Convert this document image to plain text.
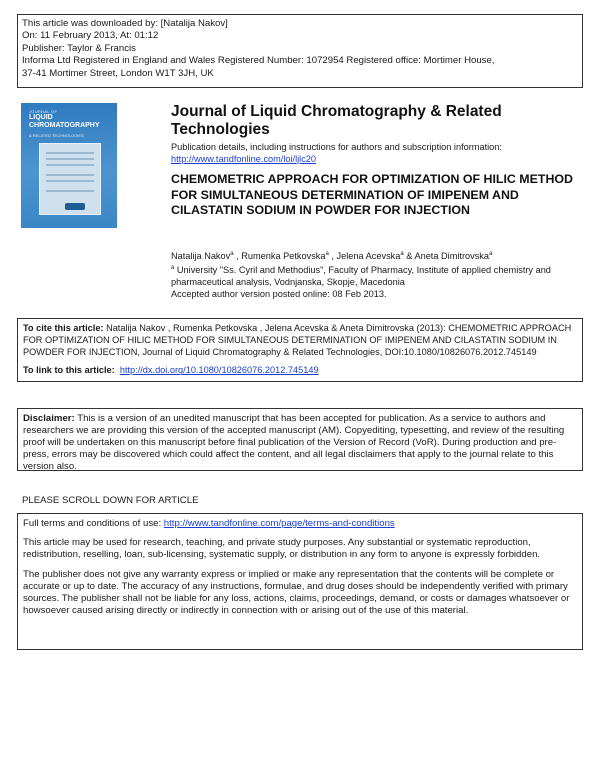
This article was downloaded by: [Natalija Nakov]
On: 11 February 2013, At: 01:12
Publisher: Taylor & Francis
Informa Ltd Registered in England and Wales Registered Number: 1072954 Registered office: Mortimer House,
37-41 Mortimer Street, London W1T 3JH, UK
JOURNAL OF
LIQUID CHROMATOGRAPHY
& RELATED TECHNOLOGIES
Journal of Liquid Chromatography & Related Technologies
Publication details, including instructions for authors and subscription information:
http://www.tandfonline.com/loi/ljlc20
CHEMOMETRIC APPROACH FOR OPTIMIZATION OF HILIC METHOD FOR SIMULTANEOUS DETERMINATION OF IMIPENEM AND CILASTATIN SODIUM IN POWDER FOR INJECTION
Natalija Nakov$^a$ , Rumenka Petkovska$^a$ , Jelena Acevska$^a$ & Aneta Dimitrovska$^a$
$^a$ University "Ss. Cyril and Methodius", Faculty of Pharmacy, Institute of applied chemistry and pharmaceutical analysis, Vodnjanska, Skopje, Macedonia
Accepted author version posted online: 08 Feb 2013.
To cite this article: Natalija Nakov , Rumenka Petkovska , Jelena Acevska & Aneta Dimitrovska (2013): CHEMOMETRIC APPROACH FOR OPTIMIZATION OF HILIC METHOD FOR SIMULTANEOUS DETERMINATION OF IMIPENEM AND CILASTATIN SODIUM IN POWDER FOR INJECTION, Journal of Liquid Chromatography & Related Technologies, DOI:10.1080/10826076.2012.745149
To link to this article: http://dx.doi.org/10.1080/10826076.2012.745149
Disclaimer: This is a version of an unedited manuscript that has been accepted for publication. As a service to authors and researchers we are providing this version of the accepted manuscript (AM). Copyediting, typesetting, and review of the resulting proof will be undertaken on this manuscript before final publication of the Version of Record (VoR). During production and pre-press, errors may be discovered which could affect the content, and all legal disclaimers that apply to the journal relate to this version also.
PLEASE SCROLL DOWN FOR ARTICLE

Full terms and conditions of use: http://www.tandfonline.com/page/terms-and-conditions

This article may be used for research, teaching, and private study purposes. Any substantial or systematic reproduction, redistribution, reselling, loan, sub-licensing, systematic supply, or distribution in any form to anyone is expressly forbidden.

The publisher does not give any warranty express or implied or make any representation that the contents will be complete or accurate or up to date. The accuracy of any instructions, formulae, and drug doses should be independently verified with primary sources. The publisher shall not be liable for any loss, actions, claims, proceedings, demand, or costs or damages whatsoever or howsoever caused arising directly or indirectly in connection with or arising out of the use of this material.
